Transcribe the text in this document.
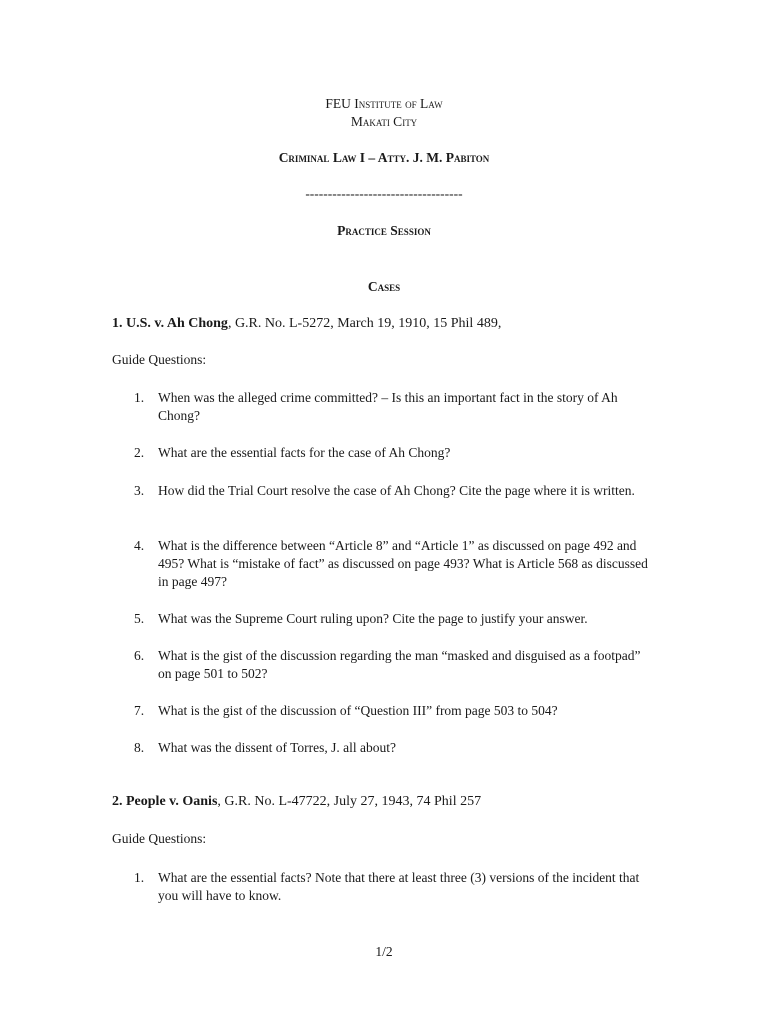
FEU Institute of Law
Makati City
Criminal Law I – Atty. J. M. Pabiton
-----------------------------------
Practice Session
Cases
1. U.S. v. Ah Chong, G.R. No. L-5272, March 19, 1910, 15 Phil 489,
Guide Questions:
1.	When was the alleged crime committed? – Is this an important fact in the story of Ah Chong?
2.	What are the essential facts for the case of Ah Chong?
3.	How did the Trial Court resolve the case of Ah Chong? Cite the page where it is written.
4.	What is the difference between “Article 8” and “Article 1” as discussed on page 492 and 495? What is “mistake of fact” as discussed on page 493? What is Article 568 as discussed in page 497?
5.	What was the Supreme Court ruling upon? Cite the page to justify your answer.
6.	What is the gist of the discussion regarding the man “masked and disguised as a footpad” on page 501 to 502?
7.	What is the gist of the discussion of “Question III” from page 503 to 504?
8.	What was the dissent of Torres, J. all about?
2. People v. Oanis, G.R. No. L-47722, July 27, 1943, 74 Phil 257
Guide Questions:
1.	What are the essential facts? Note that there at least three (3) versions of the incident that you will have to know.
1/2
